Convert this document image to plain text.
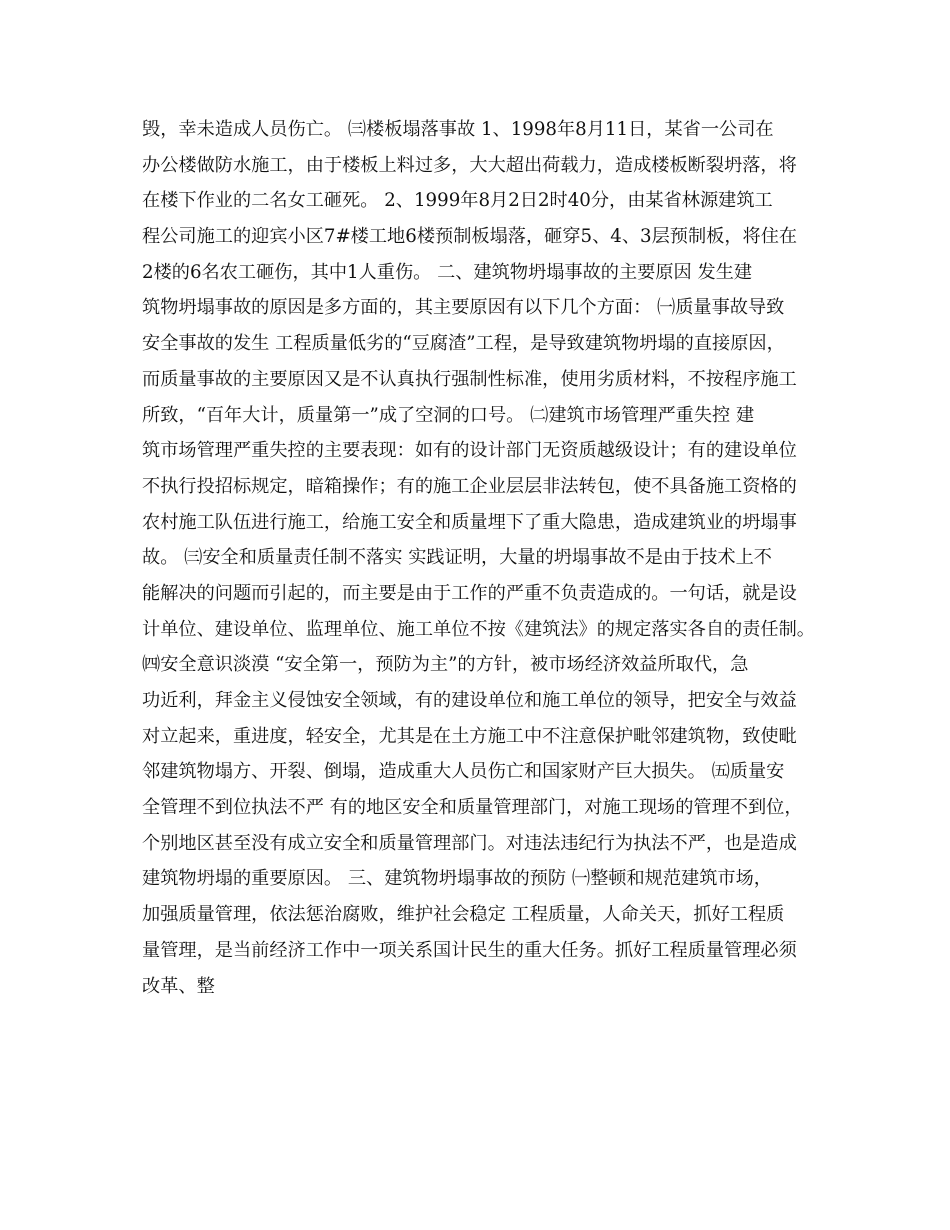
毁，幸未造成人员伤亡。 ㈢楼板塌落事故 1、1998年8月11日，某省一公司在
办公楼做防水施工，由于楼板上料过多，大大超出荷载力，造成楼板断裂坍落，将
在楼下作业的二名女工砸死。 2、1999年8月2日2时40分，由某省林源建筑工
程公司施工的迎宾小区7#楼工地6楼预制板塌落，砸穿5、4、3层预制板，将住在
2楼的6名农工砸伤，其中1人重伤。 二、建筑物坍塌事故的主要原因 发生建
筑物坍塌事故的原因是多方面的，其主要原因有以下几个方面： ㈠质量事故导致
安全事故的发生 工程质量低劣的“豆腐渣”工程，是导致建筑物坍塌的直接原因，
而质量事故的主要原因又是不认真执行强制性标准，使用劣质材料，不按程序施工
所致，“百年大计，质量第一”成了空洞的口号。 ㈡建筑市场管理严重失控 建
筑市场管理严重失控的主要表现：如有的设计部门无资质越级设计；有的建设单位
不执行投招标规定，暗箱操作；有的施工企业层层非法转包，使不具备施工资格的
农村施工队伍进行施工，给施工安全和质量埋下了重大隐患，造成建筑业的坍塌事
故。 ㈢安全和质量责任制不落实 实践证明，大量的坍塌事故不是由于技术上不
能解决的问题而引起的，而主要是由于工作的严重不负责造成的。一句话，就是设
计单位、建设单位、监理单位、施工单位不按《建筑法》的规定落实各自的责任制。
㈣安全意识淡漠 “安全第一，预防为主”的方针，被市场经济效益所取代，急
功近利，拜金主义侵蚀安全领域，有的建设单位和施工单位的领导，把安全与效益
对立起来，重进度，轻安全，尤其是在土方施工中不注意保护毗邻建筑物，致使毗
邻建筑物塌方、开裂、倒塌，造成重大人员伤亡和国家财产巨大损失。 ㈤质量安
全管理不到位执法不严 有的地区安全和质量管理部门，对施工现场的管理不到位，
个别地区甚至没有成立安全和质量管理部门。对违法违纪行为执法不严，也是造成
建筑物坍塌的重要原因。 三、建筑物坍塌事故的预防 ㈠整顿和规范建筑市场，
加强质量管理，依法惩治腐败，维护社会稳定 工程质量，人命关天，抓好工程质
量管理，是当前经济工作中一项关系国计民生的重大任务。抓好工程质量管理必须
改革、整
